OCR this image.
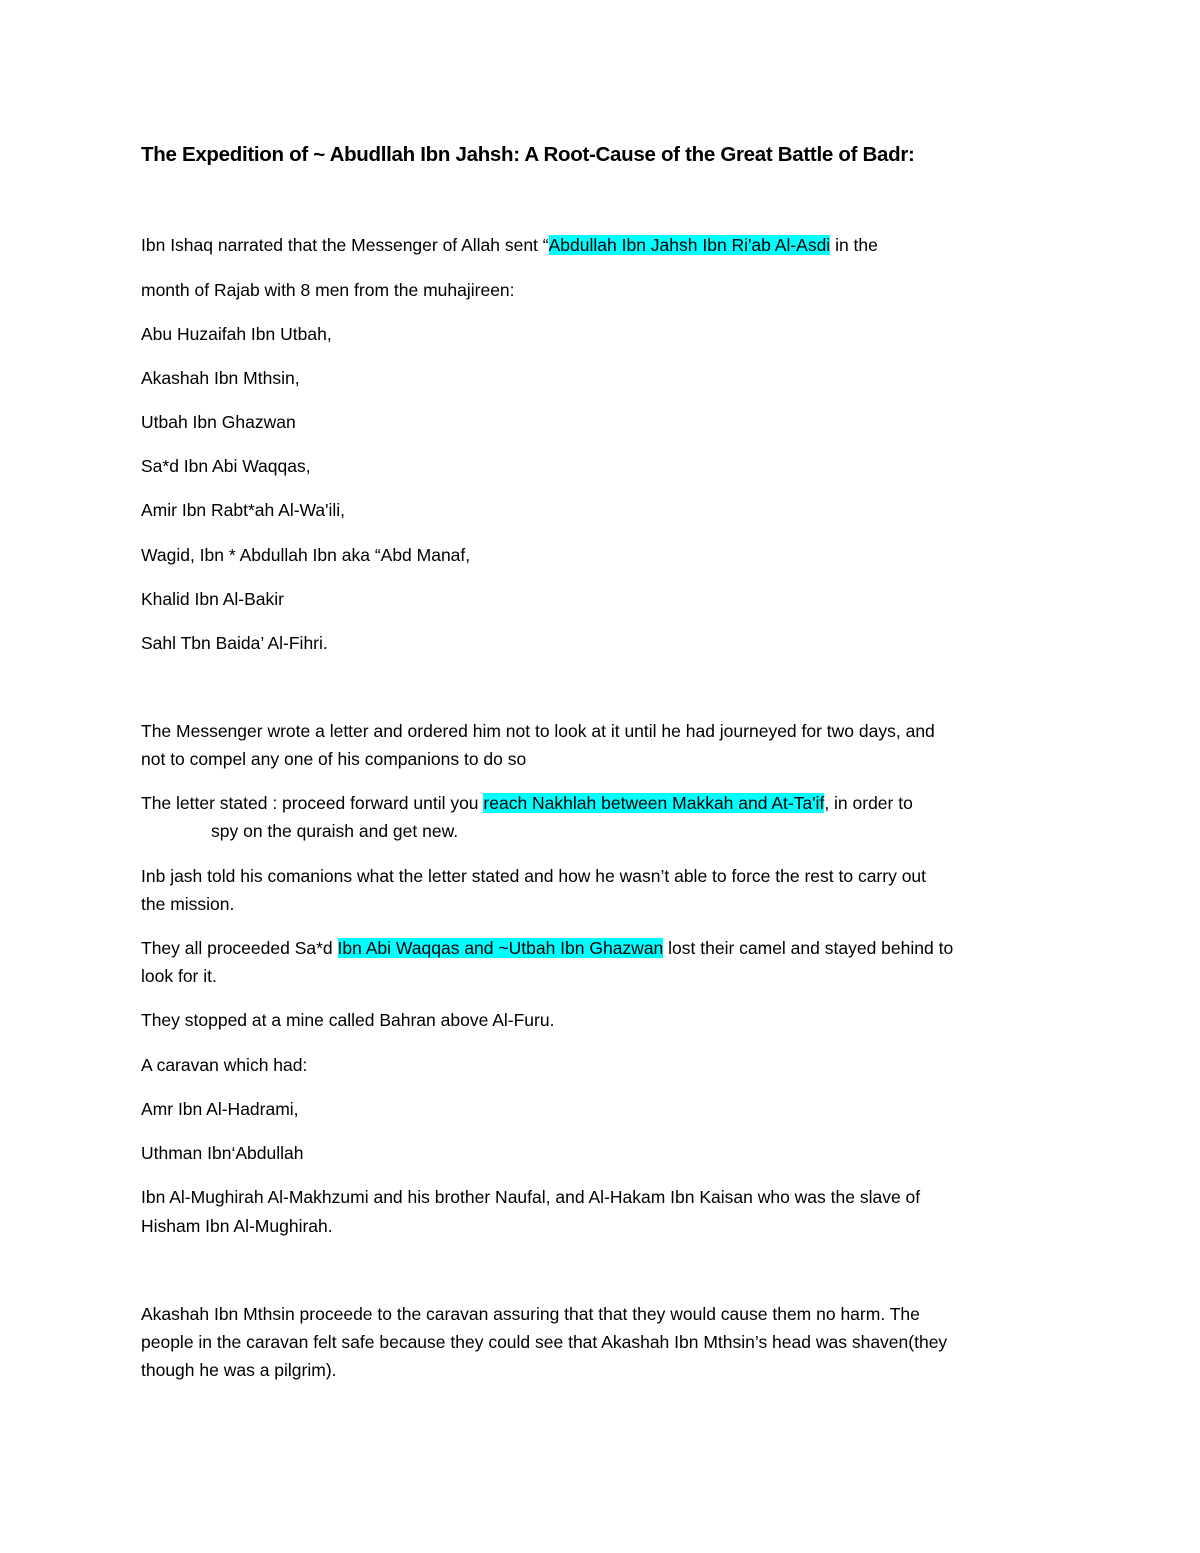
The Expedition of ~ Abudllah Ibn Jahsh: A Root-Cause of the Great Battle of Badr:
Ibn Ishaq narrated that the Messenger of Allah sent “Abdullah Ibn Jahsh Ibn Ri'ab Al-Asdi in the
month of Rajab with 8 men from the muhajireen:
Abu Huzaifah Ibn Utbah,
Akashah Ibn Mthsin,
Utbah Ibn Ghazwan
Sa*d Ibn Abi Waqqas,
Amir Ibn Rabt*ah Al-Wa'ili,
Wagid, Ibn * Abdullah Ibn aka “Abd Manaf,
Khalid Ibn Al-Bakir
Sahl Tbn Baida’ Al-Fihri.
The Messenger wrote a letter and ordered him not to look at it until he had journeyed for two days, and
not to compel any one of his companions to do so
The letter stated : proceed forward until you reach Nakhlah between Makkah and At-Ta'if, in order to
spy on the quraish and get new.
Inb jash told his comanions what the letter stated and how he wasn’t able to force the rest to carry out
the mission.
They all proceeded Sa*d Ibn Abi Waqqas and ~Utbah Ibn Ghazwan lost their camel and stayed behind to
look for it.
They stopped at a mine called Bahran above Al-Furu.
A caravan which had:
Amr Ibn Al-Hadrami,
Uthman Ibn‘Abdullah
Ibn Al-Mughirah Al-Makhzumi and his brother Naufal, and Al-Hakam Ibn Kaisan who was the slave of
Hisham Ibn Al-Mughirah.
Akashah Ibn Mthsin proceede to the caravan assuring that that they would cause them no harm. The
people in the caravan felt safe because they could see that Akashah Ibn Mthsin’s head was shaven(they
though he was a pilgrim).
